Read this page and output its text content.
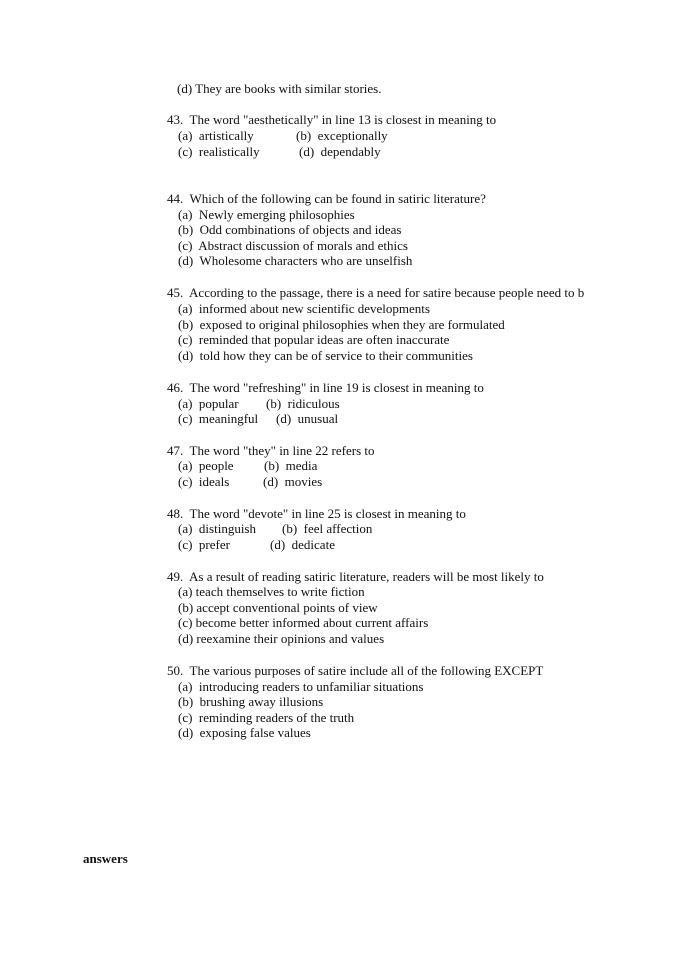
(d) They are books with similar stories.
43.  The word "aesthetically" in line 13 is closest in meaning to
(a)  artistically	(b)  exceptionally
(c)  realistically	(d)  dependably
44.  Which of the following can be found in satiric literature?
(a)  Newly emerging philosophies
(b)  Odd combinations of objects and ideas
(c)  Abstract discussion of morals and ethics
(d)  Wholesome characters who are unselfish
45.  According to the passage, there is a need for satire because people need to b
(a)  informed about new scientific developments
(b)  exposed to original philosophies when they are formulated
(c)  reminded that popular ideas are often inaccurate
(d)  told how they can be of service to their communities
46.  The word "refreshing" in line 19 is closest in meaning to
(a)  popular (b)  ridiculous
(c)  meaningful (d)  unusual
47.  The word "they" in line 22 refers to
(a)  people (b)  media
(c)  ideals	(d)  movies
48.  The word "devote" in line 25 is closest in meaning to
(a)  distinguish (b)  feel affection
(c)  prefer	(d)  dedicate
49.  As a result of reading satiric literature, readers will be most likely to
(a) teach themselves to write fiction
(b) accept conventional points of view
(c) become better informed about current affairs
(d) reexamine their opinions and values
50.  The various purposes of satire include all of the following EXCEPT
(a)  introducing readers to unfamiliar situations
(b)  brushing away illusions
(c)  reminding readers of the truth
(d)  exposing false values
answers
